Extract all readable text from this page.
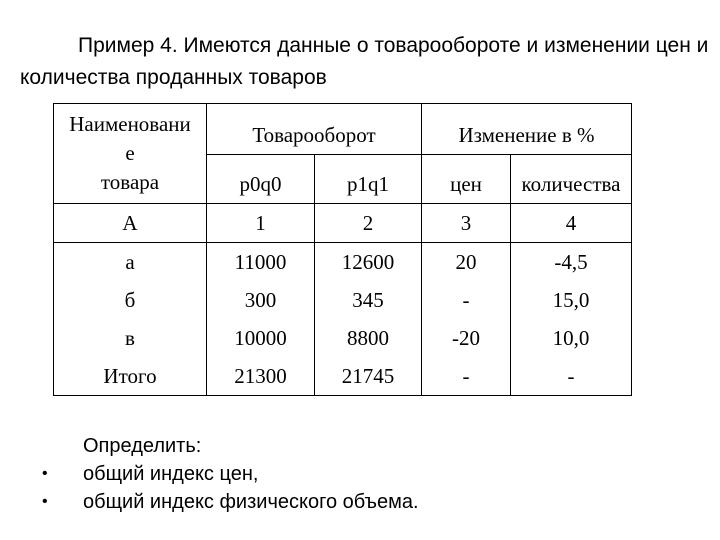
Пример 4. Имеются данные о товарообороте и изменении цен и количества проданных товаров
Наименовани
е
товара	Товарооборот		Изменение в %	
	p0q0	p1q1	цен	количества
А	1	2	3	4
а	11000	12600	20	-4,5
б	300	345	-	15,0
в	10000	8800	-20	10,0
Итого	21300	21745	-	-
Определить:
общий индекс цен,
общий индекс физического объема.
•
•
